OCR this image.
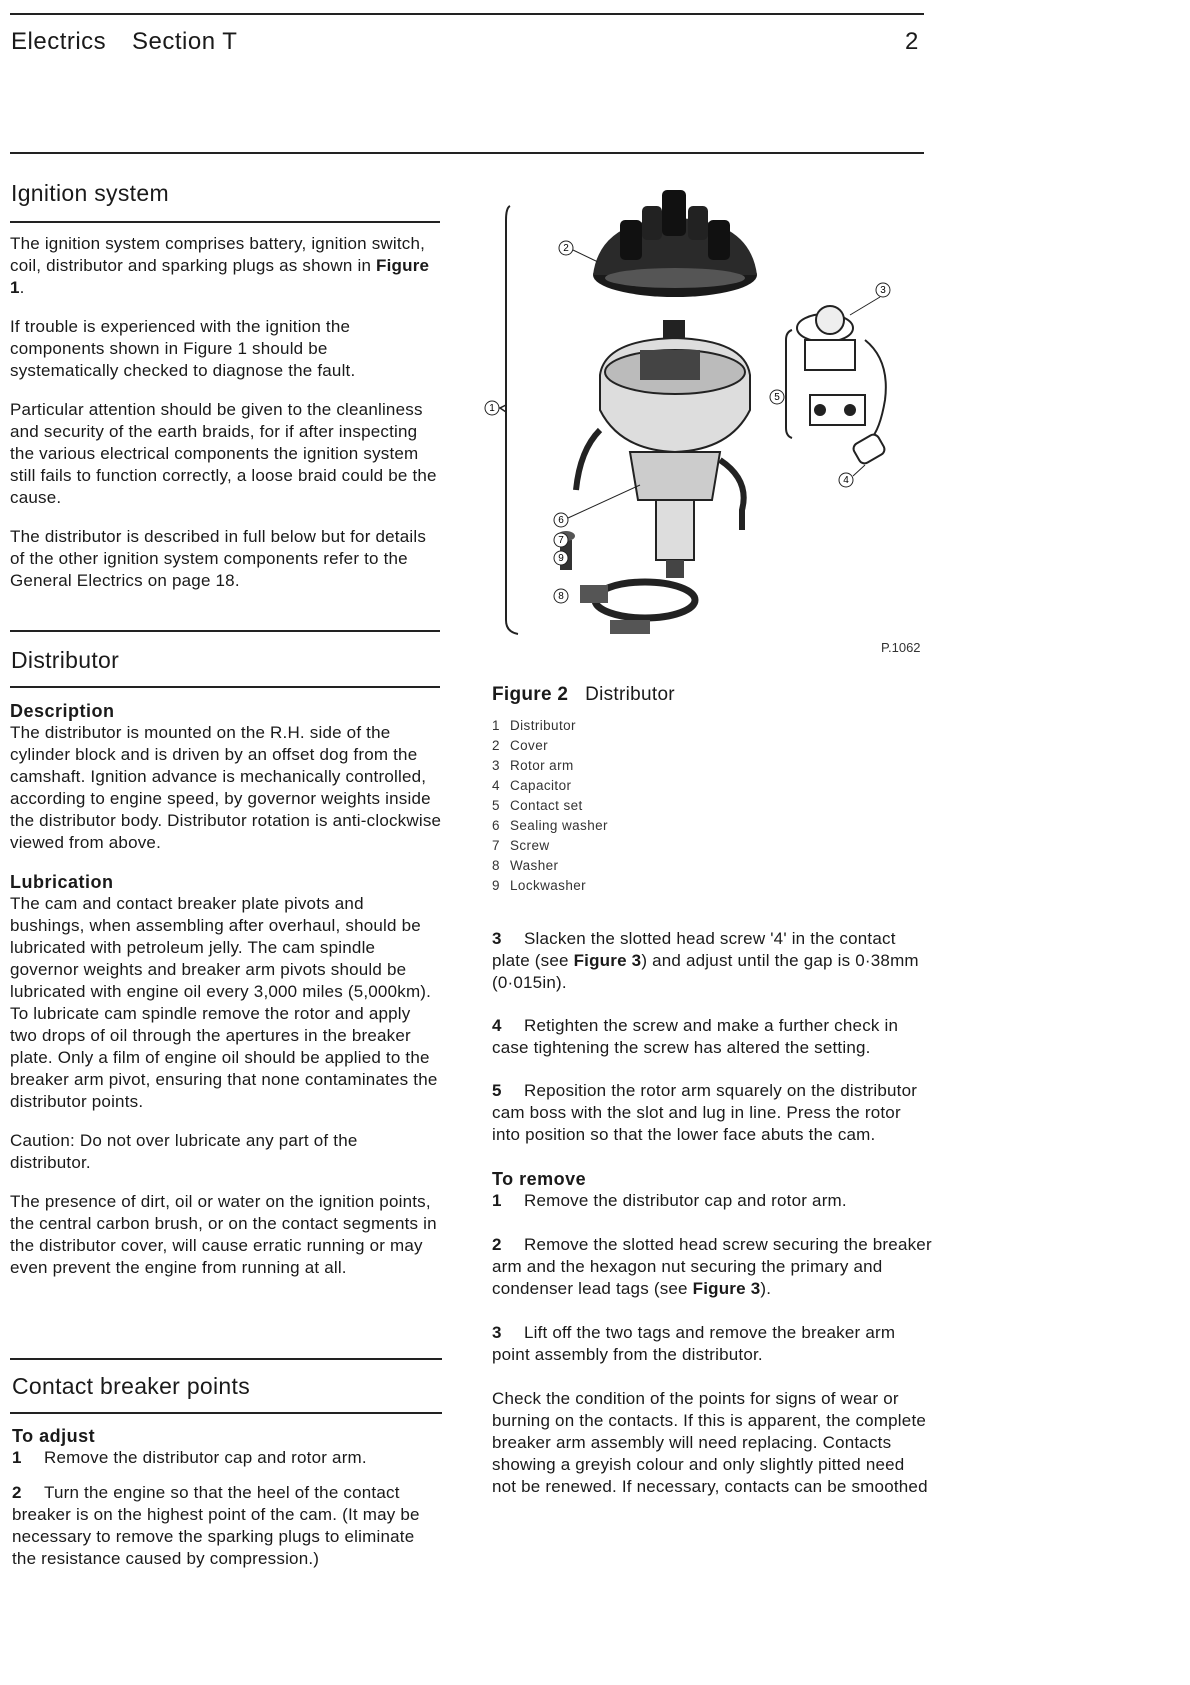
Electrics Section T	2
Ignition system

The ignition system comprises battery, ignition switch, coil, distributor and sparking plugs as shown in Figure 1.

If trouble is experienced with the ignition the components shown in Figure 1 should be systematically checked to diagnose the fault.

Particular attention should be given to the cleanliness and security of the earth braids, for if after inspecting the various electrical components the ignition system still fails to function correctly, a loose braid could be the cause.

The distributor is described in full below but for details of the other ignition system components refer to the General Electrics on page 18.

Distributor
Description

The distributor is mounted on the R.H. side of the cylinder block and is driven by an offset dog from the camshaft. Ignition advance is mechanically controlled, according to engine speed, by governor weights inside the distributor body. Distributor rotation is anti-clockwise viewed from above.

Lubrication

The cam and contact breaker plate pivots and bushings, when assembling after overhaul, should be lubricated with petroleum jelly. The cam spindle governor weights and breaker arm pivots should be lubricated with engine oil every 3,000 miles (5,000km). To lubricate cam spindle remove the rotor and apply two drops of oil through the apertures in the breaker plate. Only a film of engine oil should be applied to the breaker arm pivot, ensuring that none contaminates the distributor points.

Caution: Do not over lubricate any part of the distributor.

The presence of dirt, oil or water on the ignition points, the central carbon brush, or on the contact segments in the distributor cover, will cause erratic running or may even prevent the engine from running at all.

Contact breaker points
To adjust

1 Remove the distributor cap and rotor arm.

2 Turn the engine so that the heel of the contact breaker is on the highest point of the cam. (It may be necessary to remove the sparking plugs to eliminate the resistance caused by compression.)

1
2
3
4
5
6
7
8
9
P.1062
Figure 2 Distributor
1 Distributor
2 Cover
3 Rotor arm
4 Capacitor
5 Contact set
6 Sealing washer
7 Screw
8 Washer
9 Lockwasher

3 Slacken the slotted head screw '4' in the contact plate (see Figure 3) and adjust until the gap is 0·38mm (0·015in).

4 Retighten the screw and make a further check in case tightening the screw has altered the setting.

5 Reposition the rotor arm squarely on the distributor cam boss with the slot and lug in line. Press the rotor into position so that the lower face abuts the cam.

To remove

1 Remove the distributor cap and rotor arm.

2 Remove the slotted head screw securing the breaker arm and the hexagon nut securing the primary and condenser lead tags (see Figure 3).

3 Lift off the two tags and remove the breaker arm point assembly from the distributor.

Check the condition of the points for signs of wear or burning on the contacts. If this is apparent, the complete breaker arm assembly will need replacing. Contacts showing a greyish colour and only slightly pitted need not be renewed. If necessary, contacts can be smoothed
